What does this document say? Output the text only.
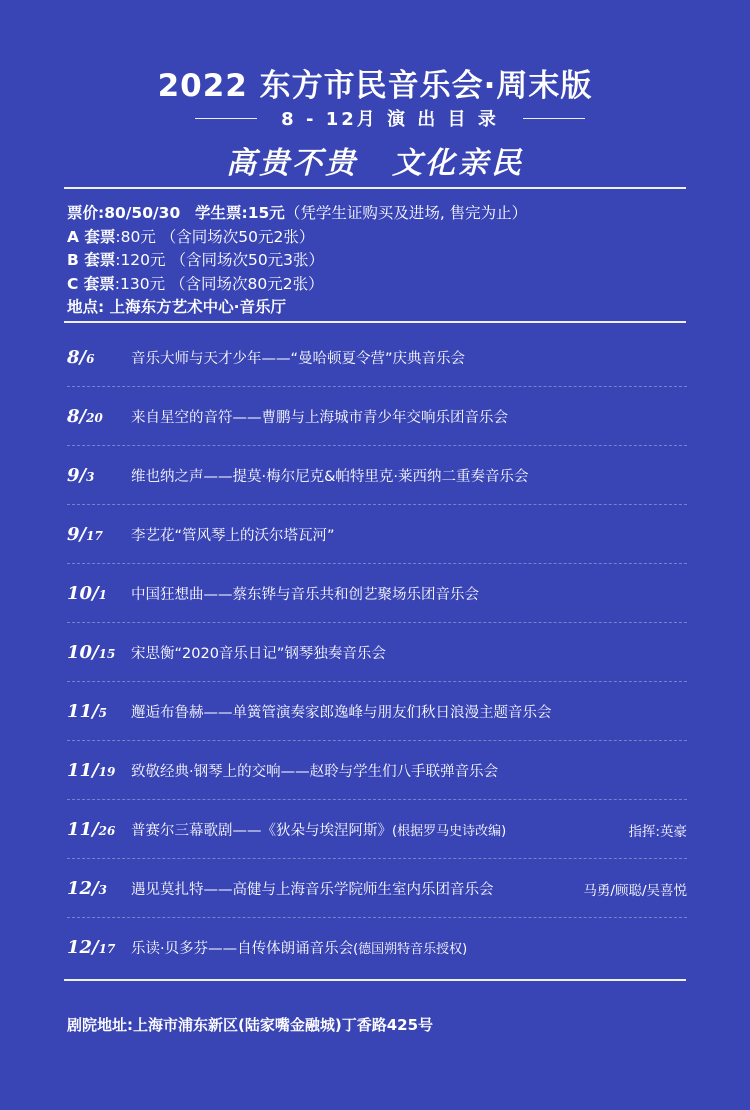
2022 东方市民音乐会·周末版
8 - 12月 演 出 目 录
高贵不贵 文化亲民
票价:80/50/30 学生票:15元（凭学生证购买及进场, 售完为止）
A 套票:80元 （含同场次50元2张）
B 套票:120元 （含同场次50元3张）
C 套票:130元 （含同场次80元2张）
地点: 上海东方艺术中心·音乐厅
8/6	音乐大师与天才少年——“曼哈顿夏令营”庆典音乐会
8/20	来自星空的音符——曹鹏与上海城市青少年交响乐团音乐会
9/3	维也纳之声——提莫·梅尔尼克&帕特里克·莱西纳二重奏音乐会
9/17	李艺花“管风琴上的沃尔塔瓦河”
10/1	中国狂想曲——蔡东铧与音乐共和创艺聚场乐团音乐会
10/15	宋思衡“2020音乐日记”钢琴独奏音乐会
11/5	邂逅布鲁赫——单簧管演奏家郎逸峰与朋友们秋日浪漫主题音乐会
11/19	致敬经典·钢琴上的交响——赵聆与学生们八手联弹音乐会
11/26	普赛尔三幕歌剧——《狄朵与埃涅阿斯》(根据罗马史诗改编)	指挥:英豪
12/3	遇见莫扎特——高健与上海音乐学院师生室内乐团音乐会	马勇/顾聪/吴喜悦
12/17	乐读·贝多芬——自传体朗诵音乐会(德国朔特音乐授权)
剧院地址:上海市浦东新区(陆家嘴金融城)丁香路425号
